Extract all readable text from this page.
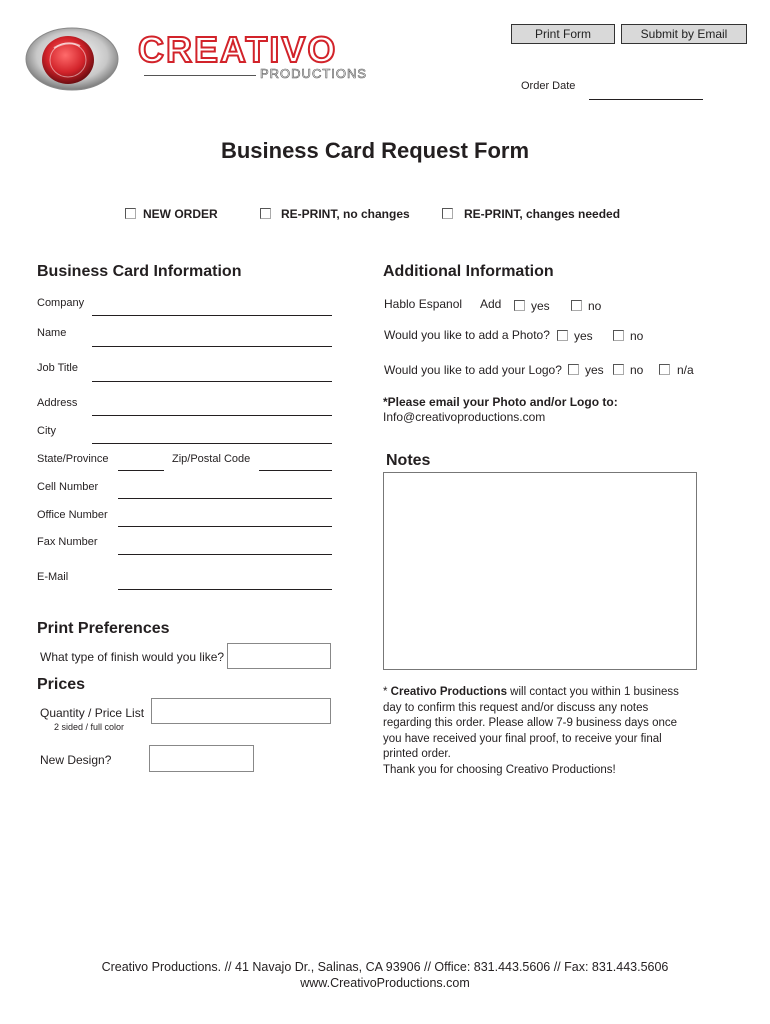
CREATIVO
PRODUCTIONS
Print Form	Submit by Email
Order Date
Business Card Request Form
NEW ORDER	RE-PRINT, no changes	RE-PRINT, changes needed
Business Card Information
Company
Name
Job Title
Address
City
State/Province	Zip/Postal Code
Cell Number
Office Number
Fax Number
E-Mail
Additional Information
Hablo Espanol Add yes	no
Would you like to add a Photo? yes	no
Would you like to add your Logo? yes no	n/a
*Please email your Photo and/or Logo to:
Info@creativoproductions.com
Notes
Print Preferences
What type of finish would you like?
Prices
Quantity / Price List
2 sided / full color
New Design?
* Creativo Productions will contact you within 1 business
day to confirm this request and/or discuss any notes
regarding this order. Please allow 7-9 business days once
you have received your final proof, to receive your final
printed order.
Thank you for choosing Creativo Productions!
Creativo Productions. // 41 Navajo Dr., Salinas, CA 93906 // Office: 831.443.5606 // Fax: 831.443.5606
www.CreativoProductions.com
